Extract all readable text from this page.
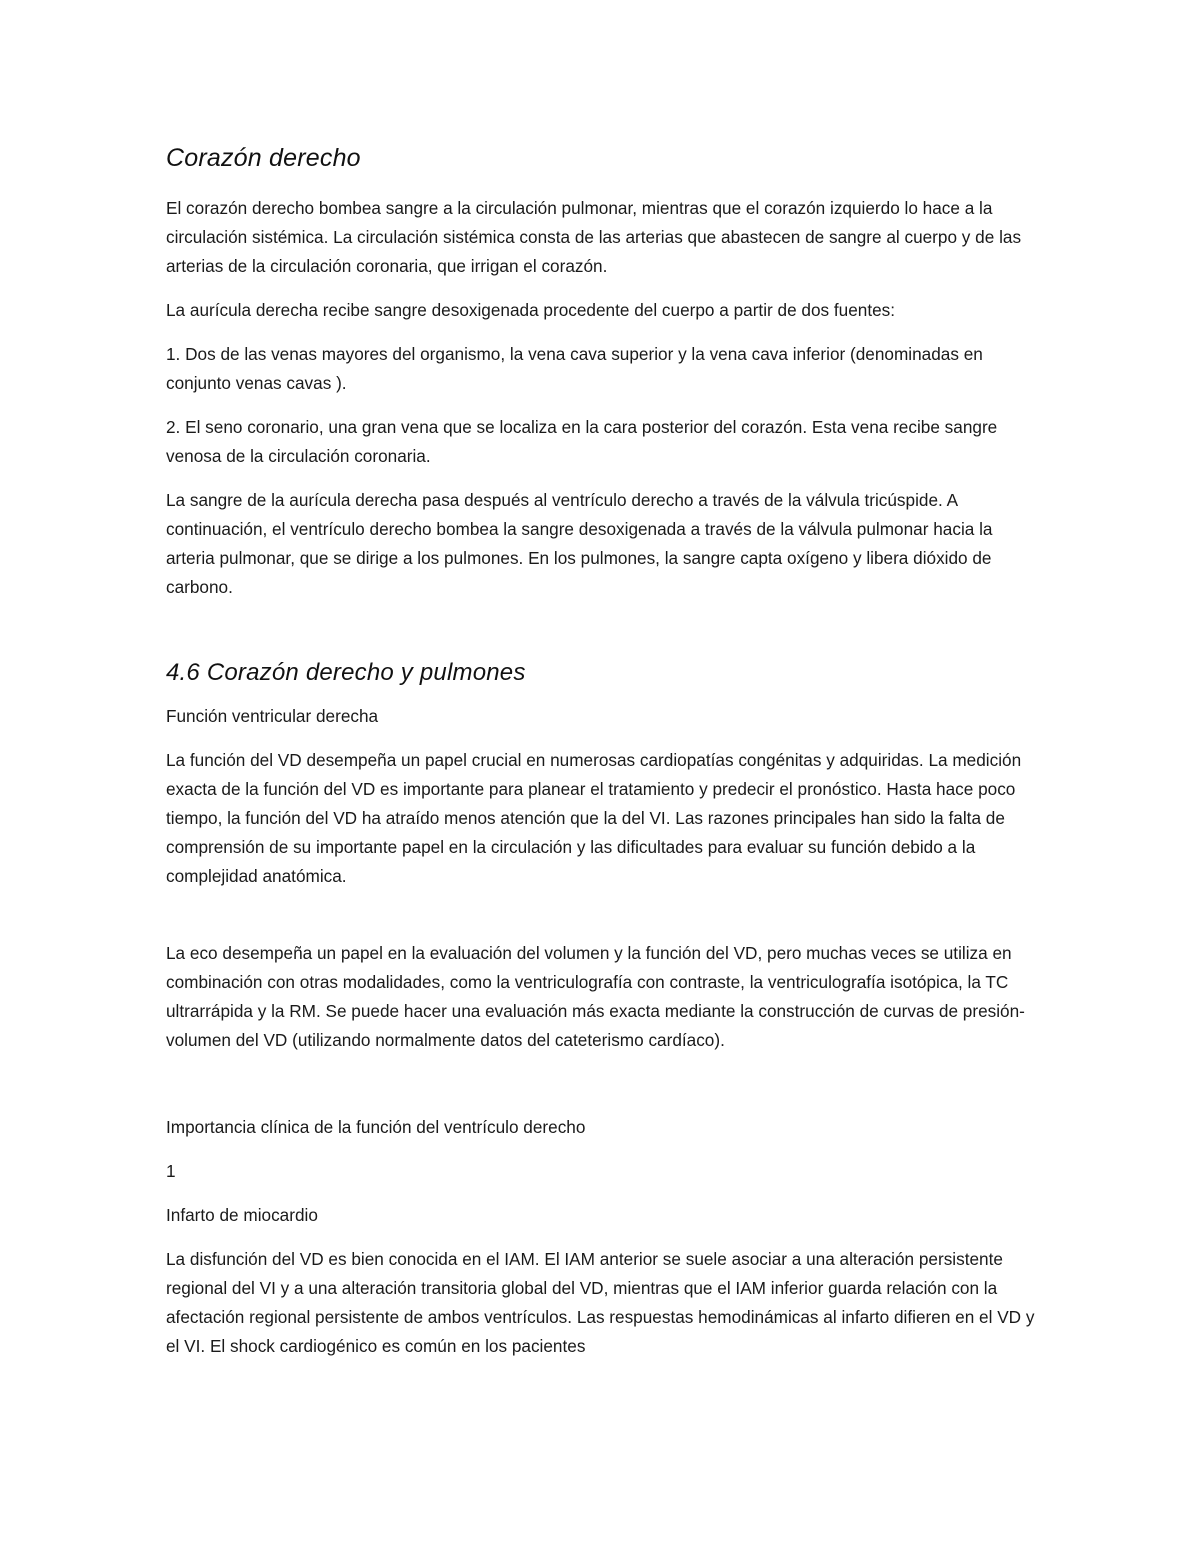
Corazón derecho

El corazón derecho bombea sangre a la circulación pulmonar, mientras que el corazón izquierdo lo hace a la circulación sistémica. La circulación sistémica consta de las arterias que abastecen de sangre al cuerpo y de las arterias de la circulación coronaria, que irrigan el corazón.

La aurícula derecha recibe sangre desoxigenada procedente del cuerpo a partir de dos fuentes:

1. Dos de las venas mayores del organismo, la vena cava superior y la vena cava inferior (denominadas en conjunto venas cavas ).

2. El seno coronario, una gran vena que se localiza en la cara posterior del corazón. Esta vena recibe sangre venosa de la circulación coronaria.

La sangre de la aurícula derecha pasa después al ventrículo derecho a través de la válvula tricúspide. A continuación, el ventrículo derecho bombea la sangre desoxigenada a través de la válvula pulmonar hacia la arteria pulmonar, que se dirige a los pulmones. En los pulmones, la sangre capta oxígeno y libera dióxido de carbono.

4.6 Corazón derecho y pulmones

Función ventricular derecha

La función del VD desempeña un papel crucial en numerosas cardiopatías congénitas y adquiridas. La medición exacta de la función del VD es importante para planear el tratamiento y predecir el pronóstico. Hasta hace poco tiempo, la función del VD ha atraído menos atención que la del VI. Las razones principales han sido la falta de comprensión de su importante papel en la circulación y las dificultades para evaluar su función debido a la complejidad anatómica.

La eco desempeña un papel en la evaluación del volumen y la función del VD, pero muchas veces se utiliza en combinación con otras modalidades, como la ventriculografía con contraste, la ventriculografía isotópica, la TC ultrarrápida y la RM. Se puede hacer una evaluación más exacta mediante la construcción de curvas de presión-volumen del VD (utilizando normalmente datos del cateterismo cardíaco).

Importancia clínica de la función del ventrículo derecho

1

Infarto de miocardio

La disfunción del VD es bien conocida en el IAM. El IAM anterior se suele asociar a una alteración persistente regional del VI y a una alteración transitoria global del VD, mientras que el IAM inferior guarda relación con la afectación regional persistente de ambos ventrículos. Las respuestas hemodinámicas al infarto difieren en el VD y el VI. El shock cardiogénico es común en los pacientes
